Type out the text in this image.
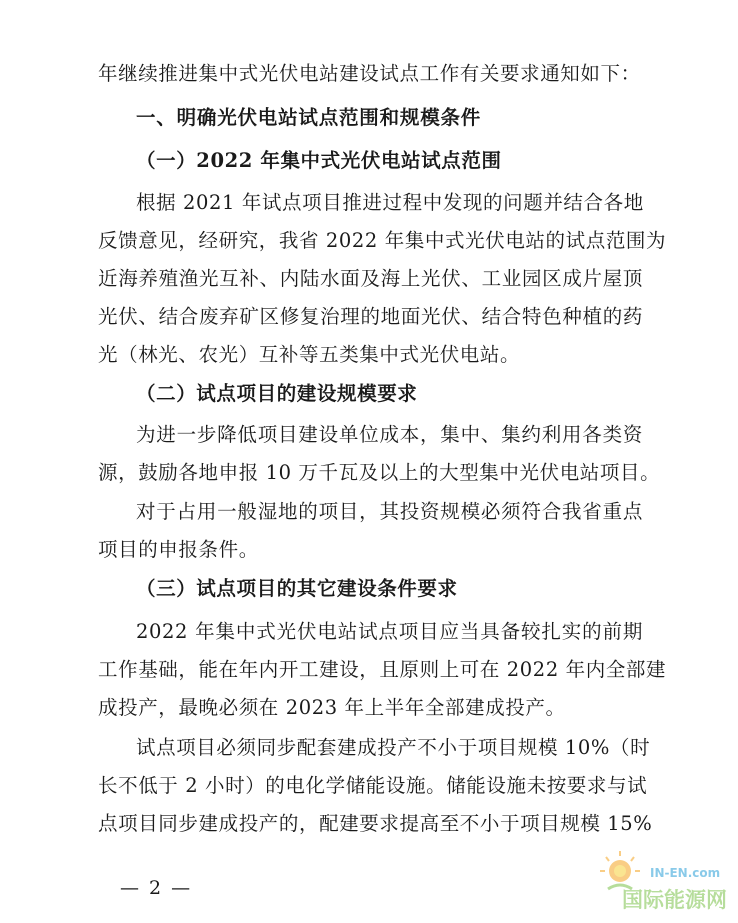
年继续推进集中式光伏电站建设试点工作有关要求通知如下：
一、明确光伏电站试点范围和规模条件
（一）2022 年集中式光伏电站试点范围
根据 2021 年试点项目推进过程中发现的问题并结合各地
反馈意见，经研究，我省 2022 年集中式光伏电站的试点范围为
近海养殖渔光互补、内陆水面及海上光伏、工业园区成片屋顶
光伏、结合废弃矿区修复治理的地面光伏、结合特色种植的药
光（林光、农光）互补等五类集中式光伏电站。
（二）试点项目的建设规模要求
为进一步降低项目建设单位成本，集中、集约利用各类资
源，鼓励各地申报 10 万千瓦及以上的大型集中光伏电站项目。
对于占用一般湿地的项目，其投资规模必须符合我省重点
项目的申报条件。
（三）试点项目的其它建设条件要求
2022 年集中式光伏电站试点项目应当具备较扎实的前期
工作基础，能在年内开工建设，且原则上可在 2022 年内全部建
成投产，最晚必须在 2023 年上半年全部建成投产。
试点项目必须同步配套建成投产不小于项目规模 10%（时
长不低于 2 小时）的电化学储能设施。储能设施未按要求与试
点项目同步建成投产的，配建要求提高至不小于项目规模 15%
— 2 —
IN-EN.com
国际能源网
